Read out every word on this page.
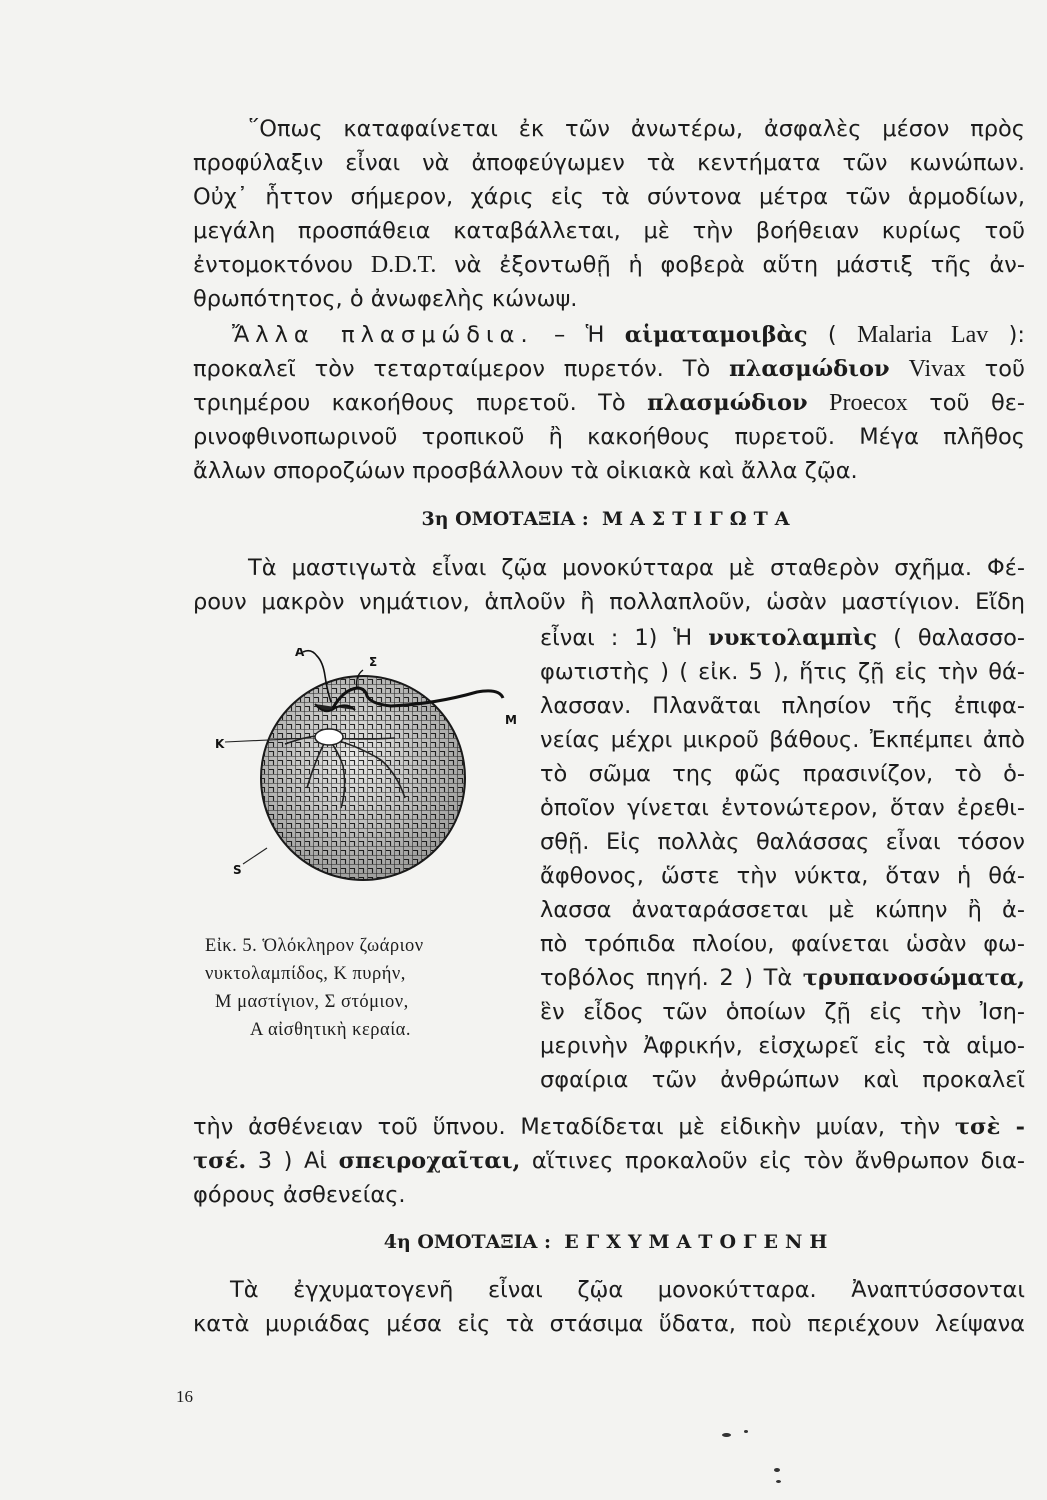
῞Οπως καταφαίνεται ἐκ τῶν ἀνωτέρω, ἀσφαλὲς μέσον πρὸς
προφύλαξιν εἶναι νὰ ἀποφεύγωμεν τὰ κεντήματα τῶν κωνώπων.
Οὐχ᾽ ἧττον σήμερον, χάρις εἰς τὰ σύντονα μέτρα τῶν ἁρμοδίων,
μεγάλη προσπάθεια καταβάλλεται, μὲ τὴν βοήθειαν κυρίως τοῦ
ἐντομοκτόνου D.D.T. νὰ ἐξοντωθῇ ἡ φοβερὰ αὕτη μάστιξ τῆς ἀν-
θρωπότητος, ὁ ἀνωφελὴς κώνωψ.
Ἄλλα πλασμώδια. – Ἡ αἱματαμοιβὰς ( Malaria Lav ):
προκαλεῖ τὸν τεταρταίμερον πυρετόν. Τὸ πλασμώδιον Vivax τοῦ
τριημέρου κακοήθους πυρετοῦ. Τὸ πλασμώδιον Proecox τοῦ θε-
ρινοφθινοπωρινοῦ τροπικοῦ ἢ κακοήθους πυρετοῦ. Μέγα πλῆθος
ἄλλων σποροζώων προσβάλλουν τὰ οἰκιακὰ καὶ ἄλλα ζῷα.
3η ΟΜΟΤΑΞΙΑ : ΜΑΣΤΙΓΩΤΑ
Τὰ μαστιγωτὰ εἶναι ζῷα μονοκύτταρα μὲ σταθερὸν σχῆμα. Φέ-
ρουν μακρὸν νημάτιον, ἁπλοῦν ἢ πολλαπλοῦν, ὡσὰν μαστίγιον. Εἴδη
εἶναι : 1) Ἡ νυκτολαμπὶς ( θαλασσο-
φωτιστὴς ) ( εἰκ. 5 ), ἥτις ζῇ εἰς τὴν θά-
λασσαν. Πλανᾶται πλησίον τῆς ἐπιφα-
νείας μέχρι μικροῦ βάθους. Ἐκπέμπει ἀπὸ
τὸ σῶμα της φῶς πρασινίζον, τὸ ὁ-
ὁποῖον γίνεται ἐντονώτερον, ὅταν ἐρεθι-
σθῇ. Εἰς πολλὰς θαλάσσας εἶναι τόσον
ἄφθονος, ὥστε τὴν νύκτα, ὅταν ἡ θά-
λασσα ἀναταράσσεται μὲ κώπην ἢ ἀ-
πὸ τρόπιδα πλοίου, φαίνεται ὡσὰν φω-
τοβόλος πηγή. 2 ) Τὰ τρυπανοσώματα,
ἓν εἶδος τῶν ὁποίων ζῇ εἰς τὴν Ἰση-
μερινὴν Ἀφρικήν, εἰσχωρεῖ εἰς τὰ αἱμο-
σφαίρια τῶν ἀνθρώπων καὶ προκαλεῖ
K
A
Σ
M
S
Εἰκ. 5. Ὁλόκληρον ζωάριον
νυκτολαμπίδος, Κ πυρήν,
Μ μαστίγιον, Σ στόμιον,
Α αἰσθητικὴ κεραία.
τὴν ἀσθένειαν τοῦ ὕπνου. Μεταδίδεται μὲ εἰδικὴν μυίαν, τὴν τσὲ -
τσέ. 3 ) Αἱ σπειροχαῖται, αἵτινες προκαλοῦν εἰς τὸν ἄνθρωπον δια-
φόρους ἀσθενείας.
4η ΟΜΟΤΑΞΙΑ : ΕΓΧΥΜΑΤΟΓΕΝΗ
Τὰ ἐγχυματογενῆ εἶναι ζῷα μονοκύτταρα. Ἀναπτύσσονται
κατὰ μυριάδας μέσα εἰς τὰ στάσιμα ὕδατα, ποὺ περιέχουν λείψανα
16
